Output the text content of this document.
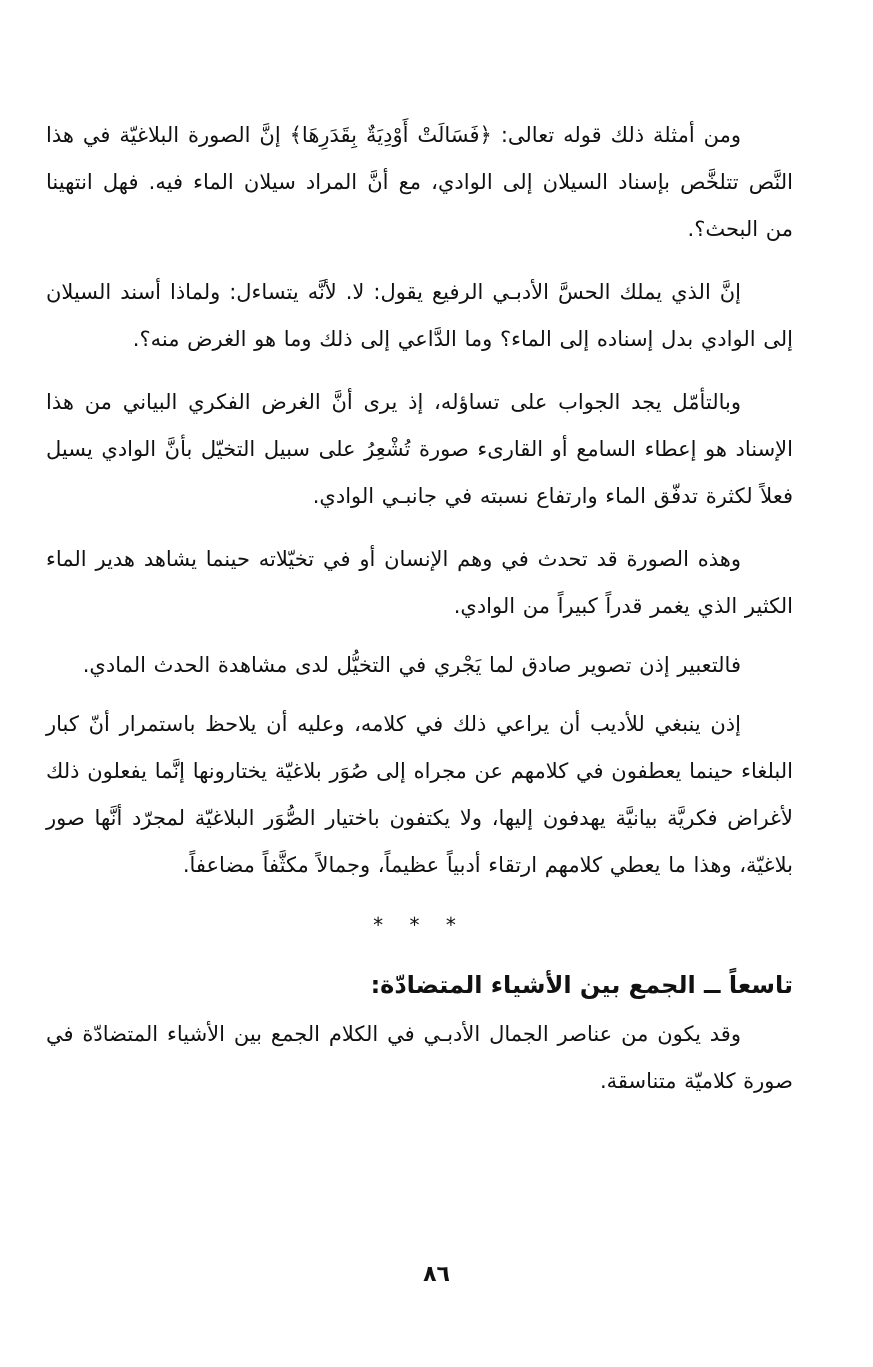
ومن أمثلة ذلك قوله تعالى: ﴿فَسَالَتْ أَوْدِيَةٌ بِقَدَرِهَا﴾ إنَّ الصورة البلاغيّة في هذا النَّص تتلخَّص بإسناد السيلان إلى الوادي، مع أنَّ المراد سيلان الماء فيه. فهل انتهينا من البحث؟.

إنَّ الذي يملك الحسَّ الأدبـي الرفيع يقول: لا. لأنَّه يتساءل: ولماذا أسند السيلان إلى الوادي بدل إسناده إلى الماء؟ وما الدَّاعي إلى ذلك وما هو الغرض منه؟.

وبالتأمّل يجد الجواب على تساؤله، إذ يرى أنَّ الغرض الفكري البياني من هذا الإسناد هو إعطاء السامع أو القارىء صورة تُشْعِرُ على سبيل التخيّل بأنَّ الوادي يسيل فعلاً لكثرة تدفّق الماء وارتفاع نسبته في جانبـي الوادي.

وهذه الصورة قد تحدث في وهم الإنسان أو في تخيّلاته حينما يشاهد هدير الماء الكثير الذي يغمر قدراً كبيراً من الوادي.

فالتعبير إذن تصوير صادق لما يَجْري في التخيُّل لدى مشاهدة الحدث المادي.

إذن ينبغي للأديب أن يراعي ذلك في كلامه، وعليه أن يلاحظ باستمرار أنّ كبار البلغاء حينما يعطفون في كلامهم عن مجراه إلى صُوَر بلاغيّة يختارونها إنَّما يفعلون ذلك لأغراض فكريَّة بيانيَّة يهدفون إليها، ولا يكتفون باختيار الصُّوَر البلاغيّة لمجرّد أنَّها صور بلاغيّة، وهذا ما يعطي كلامهم ارتقاء أدبياً عظيماً، وجمالاً مكثَّفاً مضاعفاً.

* * *
تاسعاً ــ الجمع بين الأشياء المتضادّة:

وقد يكون من عناصر الجمال الأدبـي في الكلام الجمع بين الأشياء المتضادّة في صورة كلاميّة متناسقة.

٨٦
